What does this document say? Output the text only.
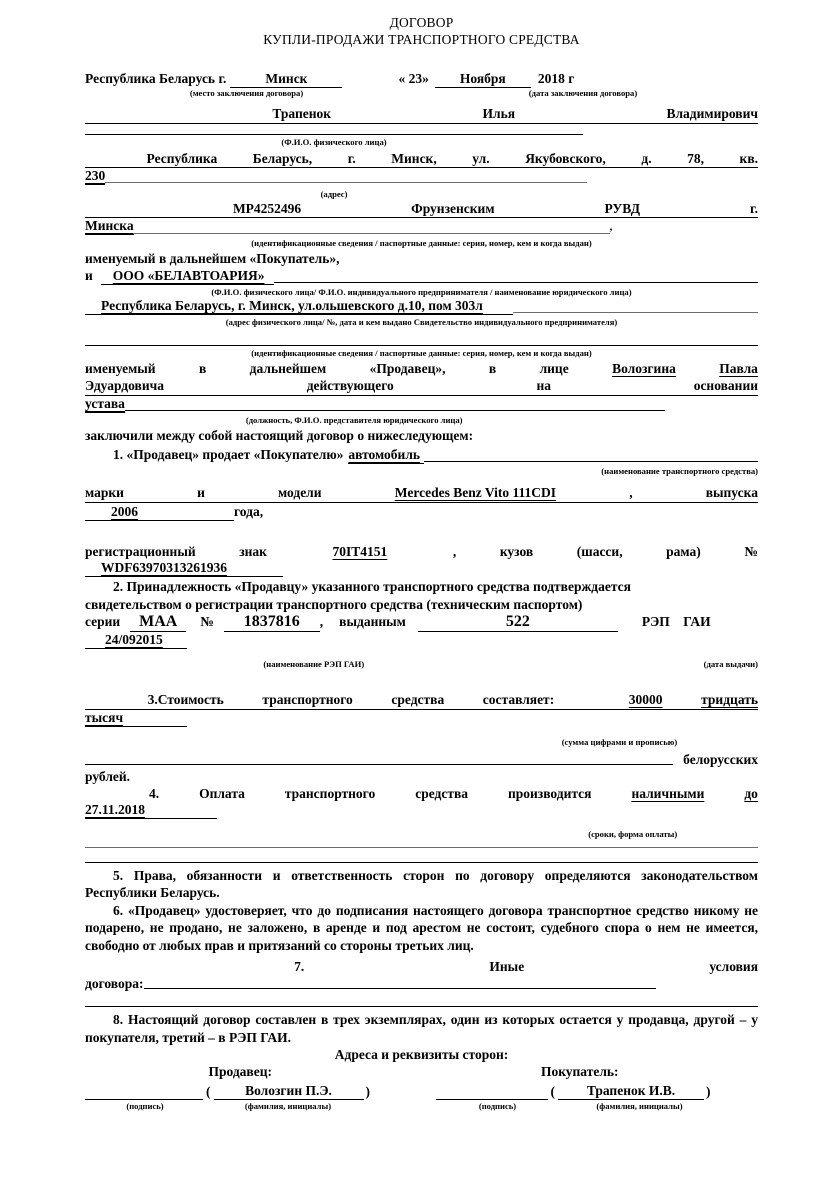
ДОГОВОР
КУПЛИ-ПРОДАЖИ ТРАНСПОРТНОГО СРЕДСТВА
Республика Беларусь г.	Минск	« 23»	Ноября	2018 г
(место заключения договора)	(дата заключения договора)
Трапенок	Илья	Владимирович
(Ф.И.О. физического лица)
Республика	Беларусь,	г.	Минск,	ул.	Якубовского,	д.	78,	кв.
230
(адрес)
МР4252496	Фрунзенским	РУВД	г.
Минска	,
(идентификационные сведения / паспортные данные: серия, номер, кем и когда выдан)
именуемый в дальнейшем «Покупатель»,
и	ООО «БЕЛАВТОАРИЯ»
(Ф.И.О. физического лица/ Ф.И.О. индивидуального предпринимателя / наименование юридического лица)
Республика Беларусь, г. Минск, ул.ольшевского д.10, пом 303л
(адрес физического лица/ №, дата и кем выдано Свидетельство индивидуального предпринимателя)
(идентификационные сведения / паспортные данные: серия, номер, кем и когда выдан)
именуемый	в	дальнейшем	«Продавец»,	в	лице	Волозгина	Павла
Эдуардовича	действующего	на	основании
устава
(должность, Ф.И.О. представителя юридического лица)
заключили между собой настоящий договор о нижеследующем:
1. «Продавец» продает «Покупателю» автомобиль
(наименование транспортного средства)
марки	и	модели	Mercedes Benz Vito 111CDI	,	выпуска
2006	года,
регистрационный	знак	70IT4151	,	кузов	(шасси,	рама)	№
WDF63970313261936
2. Принадлежность «Продавцу» указанного транспортного средства подтверждается
свидетельством о регистрации транспортного средства (техническим паспортом)
серии	МАА	№	1837816	, выданным	522	РЭП    ГАИ
24/092015
(наименование РЭП ГАИ)	(дата выдачи)
3.Стоимость	транспортного	средства	составляет:	30000	тридцать
тысяч
(сумма цифрами и прописью)
белорусских
рублей.
4.	Оплата	транспортного	средства	производится	наличными	до
27.11.2018
(сроки, форма оплаты)
5. Права, обязанности и ответственность сторон по договору определяются законодательством Республики Беларусь.
6. «Продавец» удостоверяет, что до подписания настоящего договора транспортное средство никому не подарено, не продано, не заложено, в аренде и под арестом не состоит, судебного спора о нем не имеется, свободно от любых прав и притязаний со стороны третьих лиц.
7.	Иные	условия
договора:
8. Настоящий договор составлен в трех экземплярах, один из которых остается у продавца, другой – у покупателя, третий – в РЭП ГАИ.
Адреса и реквизиты сторон:
Продавец:	Покупатель:
(	Волозгин П.Э.	)	(	Трапенок И.В.	)
(подпись)	(фамилия, инициалы)	(подпись)	(фамилия, инициалы)
